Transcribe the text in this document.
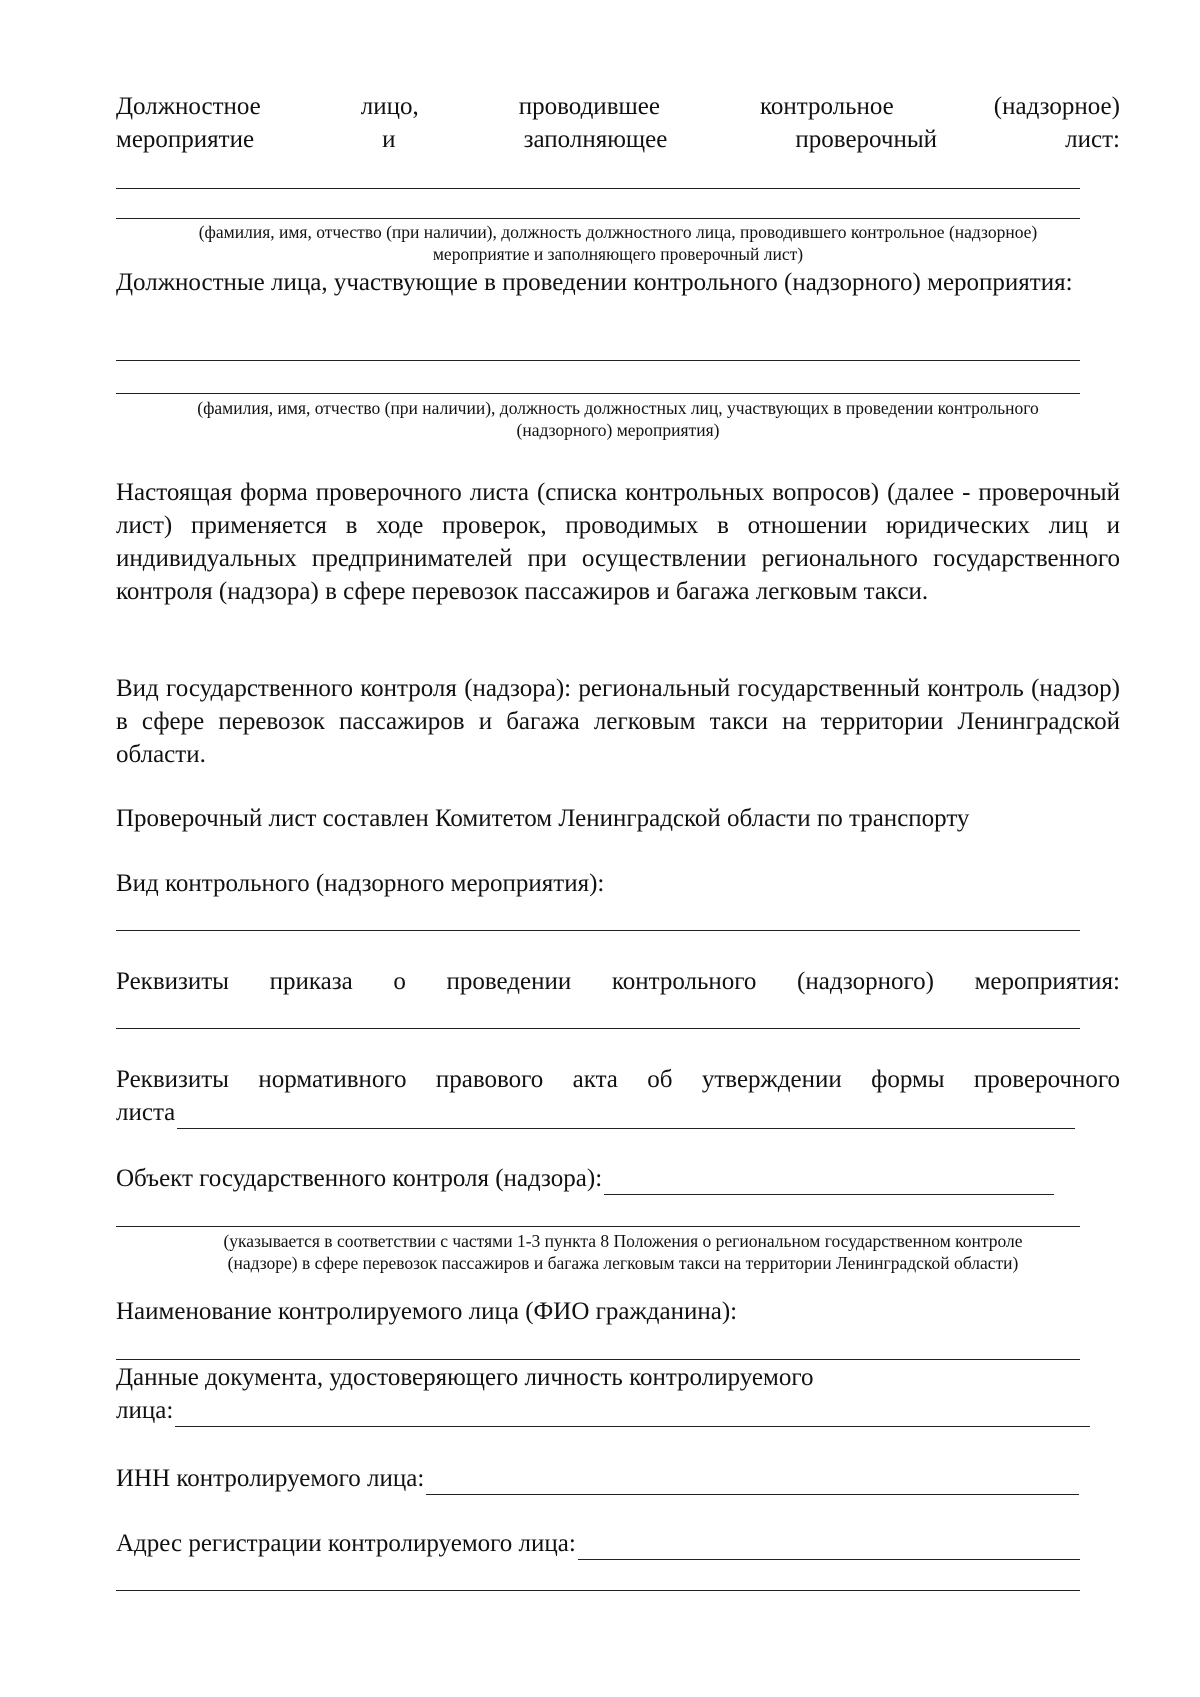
Должностное	лицо,	проводившее	контрольное	(надзорное)
мероприятие	и	заполняющее	проверочный	лист:
(фамилия, имя, отчество (при наличии), должность должностного лица, проводившего контрольное (надзорное)
мероприятие и заполняющего проверочный лист)
Должностные лица, участвующие в проведении контрольного (надзорного) мероприятия:
(фамилия, имя, отчество (при наличии), должность должностных лиц, участвующих в проведении контрольного
(надзорного) мероприятия)
Настоящая форма проверочного листа (списка контрольных вопросов) (далее - проверочный лист) применяется в ходе проверок, проводимых в отношении юридических лиц и индивидуальных предпринимателей при осуществлении регионального государственного контроля (надзора) в сфере перевозок пассажиров и багажа легковым такси.
Вид государственного контроля (надзора): региональный государственный контроль (надзор) в сфере перевозок пассажиров и багажа легковым такси на территории Ленинградской области.
Проверочный лист составлен Комитетом Ленинградской области по транспорту
Вид контрольного (надзорного мероприятия):
Реквизиты приказа о проведении контрольного (надзорного) мероприятия:
Реквизиты нормативного правового акта об утверждении формы проверочного
листа
Объект государственного контроля (надзора):
(указывается в соответствии с частями 1-3 пункта 8 Положения о региональном государственном контроле
(надзоре) в сфере перевозок пассажиров и багажа легковым такси на территории Ленинградской области)
Наименование контролируемого лица (ФИО гражданина):
Данные документа, удостоверяющего личность контролируемого
лица:
ИНН контролируемого лица:
Адрес регистрации контролируемого лица:
